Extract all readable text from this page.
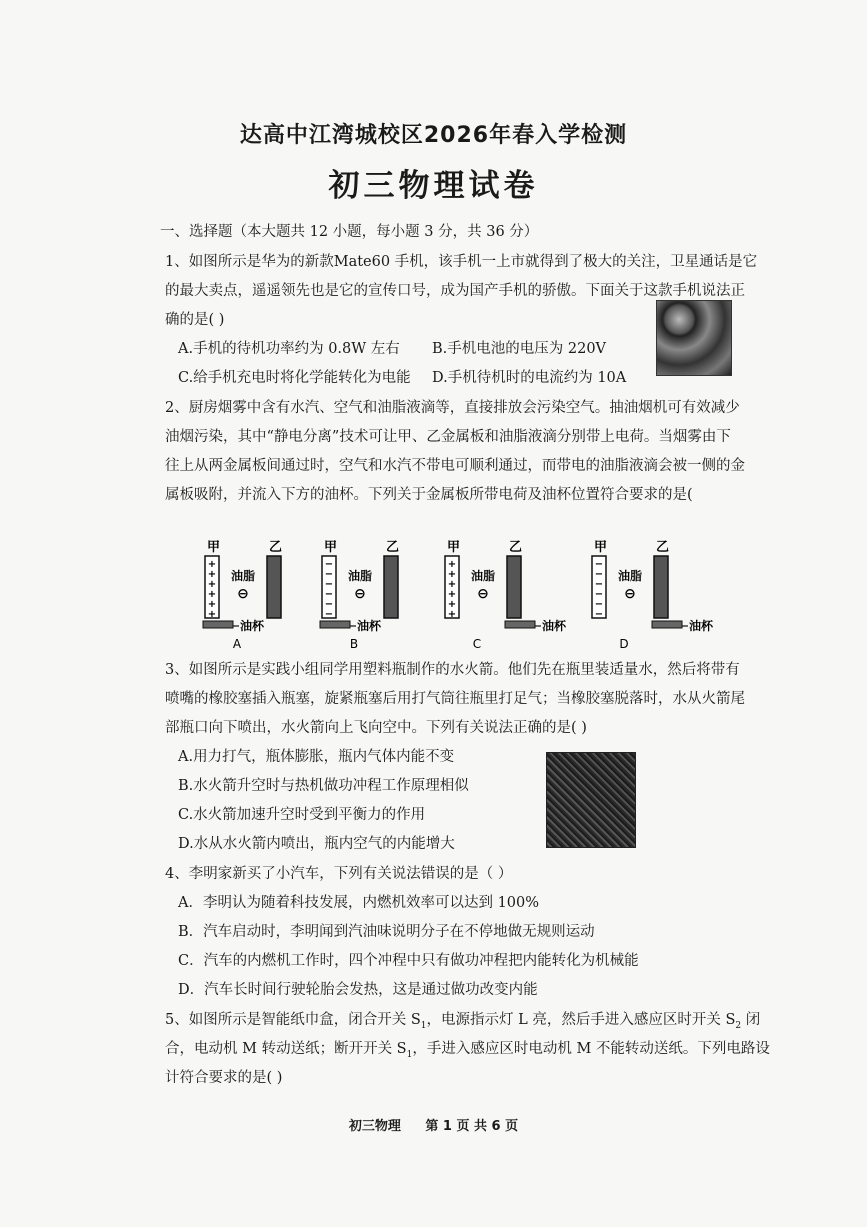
达高中江湾城校区2026年春入学检测
初三物理试卷
一、选择题（本大题共 12 小题，每小题 3 分，共 36 分）
1、如图所示是华为的新款Mate60 手机，该手机一上市就得到了极大的关注，卫星通话是它
的最大卖点，遥遥领先也是它的宣传口号，成为国产手机的骄傲。下面关于这款手机说法正
确的是( )
A.手机的待机功率约为 0.8W 左右 B.手机电池的电压为 220V
C.给手机充电时将化学能转化为电能 D.手机待机时的电流约为 10A
2、厨房烟雾中含有水汽、空气和油脂液滴等，直接排放会污染空气。抽油烟机可有效减少
油烟污染，其中“静电分离”技术可让甲、乙金属板和油脂液滴分别带上电荷。当烟雾由下
往上从两金属板间通过时，空气和水汽不带电可顺利通过，而带电的油脂液滴会被一侧的金
属板吸附，并流入下方的油杯。下列关于金属板所带电荷及油杯位置符合要求的是(
甲	乙
+
+
+
+
+
+
油脂
⊖
油杯
A
甲	乙
−
−
−
−
−
−
油脂
⊖
油杯
B
甲	乙
+
+
+
+
+
+
油脂
⊖
油杯
C
甲	乙
−
−
−
−
−
−
油脂
⊖
油杯
D
3、如图所示是实践小组同学用塑料瓶制作的水火箭。他们先在瓶里装适量水，然后将带有
喷嘴的橡胶塞插入瓶塞，旋紧瓶塞后用打气筒往瓶里打足气；当橡胶塞脱落时，水从火箭尾
部瓶口向下喷出，水火箭向上飞向空中。下列有关说法正确的是( )
A.用力打气，瓶体膨胀，瓶内气体内能不变
B.水火箭升空时与热机做功冲程工作原理相似
C.水火箭加速升空时受到平衡力的作用
D.水从水火箭内喷出，瓶内空气的内能增大
4、李明家新买了小汽车，下列有关说法错误的是（ ）
A．李明认为随着科技发展，内燃机效率可以达到 100%
B．汽车启动时，李明闻到汽油味说明分子在不停地做无规则运动
C．汽车的内燃机工作时，四个冲程中只有做功冲程把内能转化为机械能
D．汽车长时间行驶轮胎会发热，这是通过做功改变内能
5、如图所示是智能纸巾盒，闭合开关 $S_1$，电源指示灯 L 亮，然后手进入感应区时开关 $S_2$ 闭
合，电动机 M 转动送纸；断开开关 $S_1$，手进入感应区时电动机 M 不能转动送纸。下列电路设
计符合要求的是( )
初三物理 第 1 页 共 6 页
